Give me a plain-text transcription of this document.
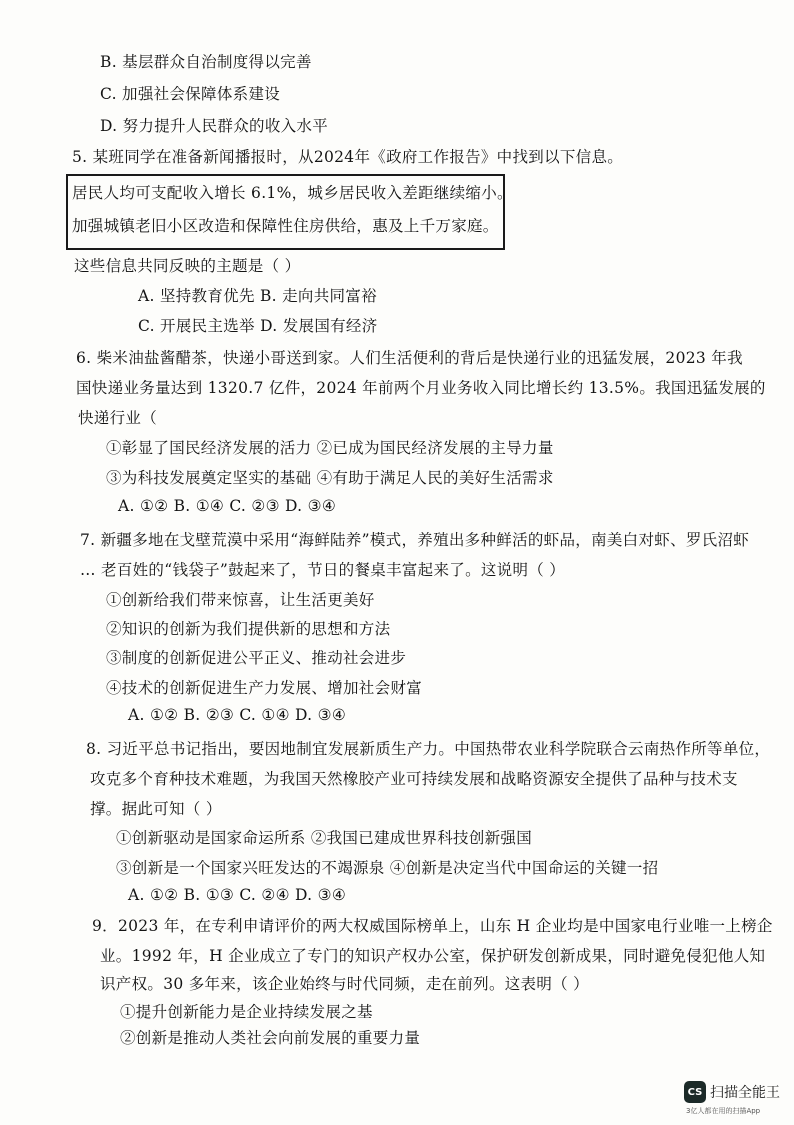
B. 基层群众自治制度得以完善
C. 加强社会保障体系建设
D. 努力提升人民群众的收入水平
5. 某班同学在准备新闻播报时，从2024年《政府工作报告》中找到以下信息。
居民人均可支配收入增长 6.1%，城乡居民收入差距继续缩小。
加强城镇老旧小区改造和保障性住房供给，惠及上千万家庭。
这些信息共同反映的主题是（ ）
A. 坚持教育优先 B. 走向共同富裕
C. 开展民主选举 D. 发展国有经济
6. 柴米油盐酱醋茶，快递小哥送到家。人们生活便利的背后是快递行业的迅猛发展，2023 年我
国快递业务量达到 1320.7 亿件，2024 年前两个月业务收入同比增长约 13.5%。我国迅猛发展的
快递行业（
①彰显了国民经济发展的活力 ②已成为国民经济发展的主导力量
③为科技发展奠定坚实的基础 ④有助于满足人民的美好生活需求
A. ①② B. ①④ C. ②③ D. ③④
7. 新疆多地在戈壁荒漠中采用“海鲜陆养”模式，养殖出多种鲜活的虾品，南美白对虾、罗氏沼虾
… 老百姓的“钱袋子”鼓起来了，节日的餐桌丰富起来了。这说明（ ）
①创新给我们带来惊喜，让生活更美好
②知识的创新为我们提供新的思想和方法
③制度的创新促进公平正义、推动社会进步
④技术的创新促进生产力发展、增加社会财富
A. ①② B. ②③ C. ①④ D. ③④
8. 习近平总书记指出，要因地制宜发展新质生产力。中国热带农业科学院联合云南热作所等单位，
攻克多个育种技术难题，为我国天然橡胶产业可持续发展和战略资源安全提供了品种与技术支
撑。据此可知（ ）
①创新驱动是国家命运所系 ②我国已建成世界科技创新强国
③创新是一个国家兴旺发达的不竭源泉 ④创新是决定当代中国命运的关键一招
A. ①② B. ①③ C. ②④ D. ③④
9．2023 年，在专利申请评价的两大权威国际榜单上，山东 H 企业均是中国家电行业唯一上榜企
业。1992 年，H 企业成立了专门的知识产权办公室，保护研发创新成果，同时避免侵犯他人知
识产权。30 多年来，该企业始终与时代同频，走在前列。这表明（ ）
①提升创新能力是企业持续发展之基
②创新是推动人类社会向前发展的重要力量
CS 扫描全能王
3亿人都在用的扫描App
